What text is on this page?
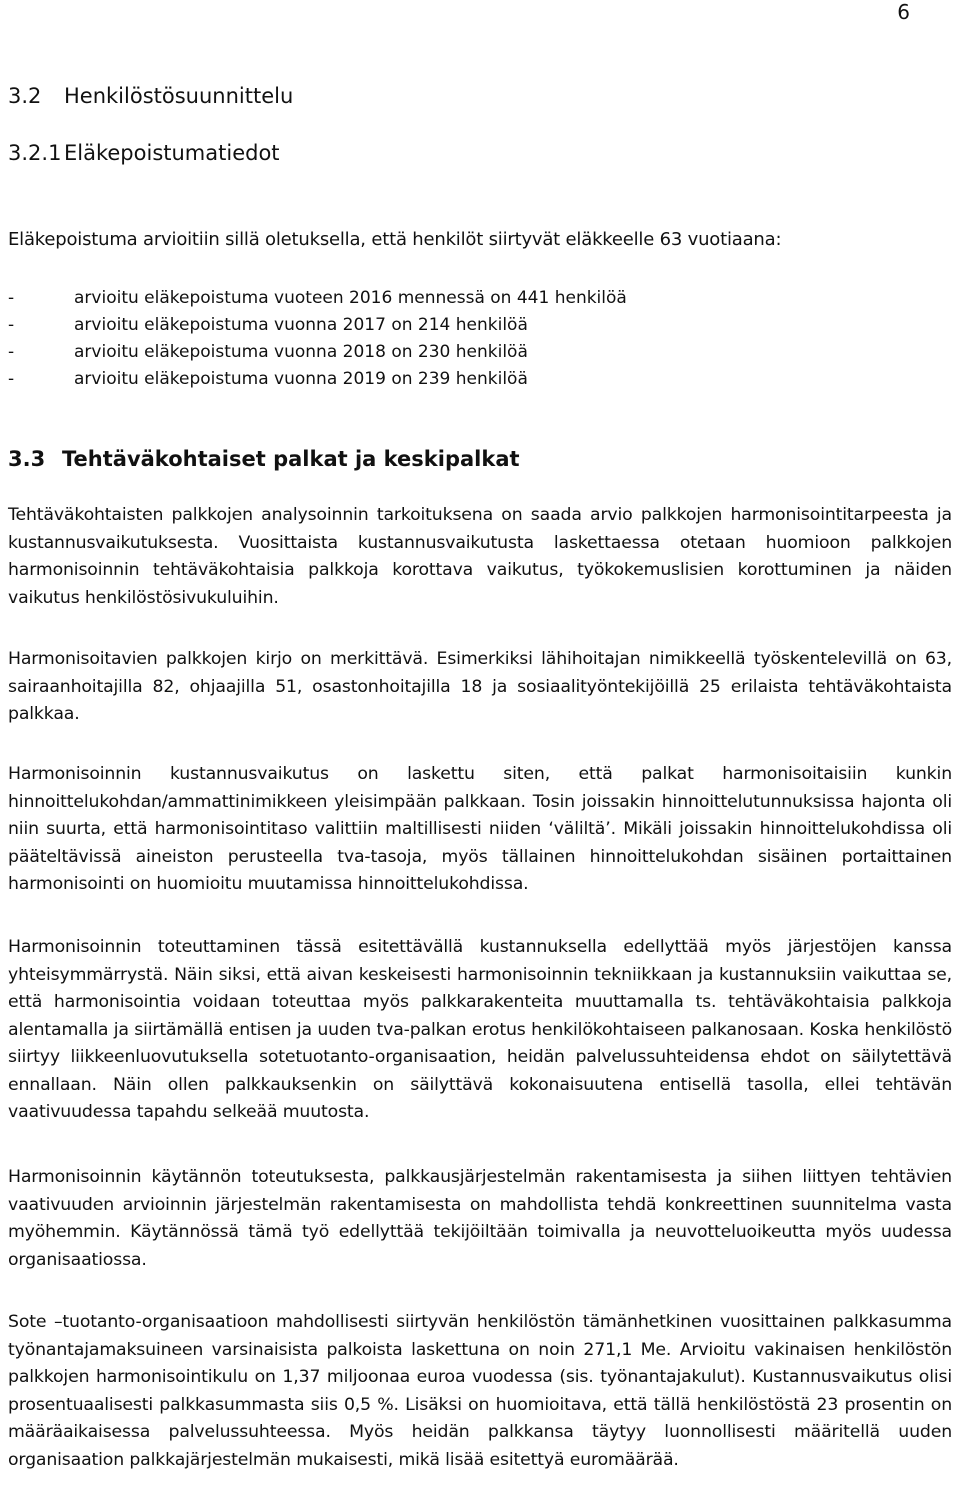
6
3.2 Henkilöstösuunnittelu
3.2.1 Eläkepoistumatiedot

Eläkepoistuma arvioitiin sillä oletuksella, että henkilöt siirtyvät eläkkeelle 63 vuotiaana:

-	arvioitu eläkepoistuma vuoteen 2016 mennessä on 441 henkilöä
-	arvioitu eläkepoistuma vuonna 2017 on 214 henkilöä
-	arvioitu eläkepoistuma vuonna 2018 on 230 henkilöä
-	arvioitu eläkepoistuma vuonna 2019 on 239 henkilöä
3.3 Tehtäväkohtaiset palkat ja keskipalkat

Tehtäväkohtaisten palkkojen analysoinnin tarkoituksena on saada arvio palkkojen harmonisointitarpeesta ja kustannusvaikutuksesta. Vuosittaista kustannusvaikutusta laskettaessa otetaan huomioon palkkojen harmonisoinnin tehtäväkohtaisia palkkoja korottava vaikutus, työkokemuslisien korottuminen ja näiden vaikutus henkilöstösivukuluihin.

Harmonisoitavien palkkojen kirjo on merkittävä. Esimerkiksi lähihoitajan nimikkeellä työskentelevillä on 63, sairaanhoitajilla 82, ohjaajilla 51, osastonhoitajilla 18 ja sosiaalityöntekijöillä 25 erilaista tehtäväkohtaista palkkaa.

Harmonisoinnin kustannusvaikutus on laskettu siten, että palkat harmonisoitaisiin kunkin hinnoittelukohdan/ammattinimikkeen yleisimpään palkkaan. Tosin joissakin hinnoittelutunnuksissa hajonta oli niin suurta, että harmonisointitaso valittiin maltillisesti niiden ‘väliltä’. Mikäli joissakin hinnoittelukohdissa oli pääteltävissä aineiston perusteella tva-tasoja, myös tällainen hinnoittelukohdan sisäinen portaittainen harmonisointi on huomioitu muutamissa hinnoittelukohdissa.

Harmonisoinnin toteuttaminen tässä esitettävällä kustannuksella edellyttää myös järjestöjen kanssa yhteisymmärrystä. Näin siksi, että aivan keskeisesti harmonisoinnin tekniikkaan ja kustannuksiin vaikuttaa se, että harmonisointia voidaan toteuttaa myös palkkarakenteita muuttamalla ts. tehtäväkohtaisia palkkoja alentamalla ja siirtämällä entisen ja uuden tva-palkan erotus henkilökohtaiseen palkanosaan. Koska henkilöstö siirtyy liikkeenluovutuksella sotetuotanto-organisaation, heidän palvelussuhteidensa ehdot on säilytettävä ennallaan. Näin ollen palkkauksenkin on säilyttävä kokonaisuutena entisellä tasolla, ellei tehtävän vaativuudessa tapahdu selkeää muutosta.

Harmonisoinnin käytännön toteutuksesta, palkkausjärjestelmän rakentamisesta ja siihen liittyen tehtävien vaativuuden arvioinnin järjestelmän rakentamisesta on mahdollista tehdä konkreettinen suunnitelma vasta myöhemmin. Käytännössä tämä työ edellyttää tekijöiltään toimivalla ja neuvotteluoikeutta myös uudessa organisaatiossa.

Sote –tuotanto-organisaatioon mahdollisesti siirtyvän henkilöstön tämänhetkinen vuosittainen palkkasumma työnantajamaksuineen varsinaisista palkoista laskettuna on noin 271,1 Me. Arvioitu vakinaisen henkilöstön palkkojen harmonisointikulu on 1,37 miljoonaa euroa vuodessa (sis. työnantajakulut). Kustannusvaikutus olisi prosentuaalisesti palkkasummasta siis 0,5 %. Lisäksi on huomioitava, että tällä henkilöstöstä 23 prosentin on määräaikaisessa palvelussuhteessa. Myös heidän palkkansa täytyy luonnollisesti määritellä uuden organisaation palkkajärjestelmän mukaisesti, mikä lisää esitettyä euromäärää.
